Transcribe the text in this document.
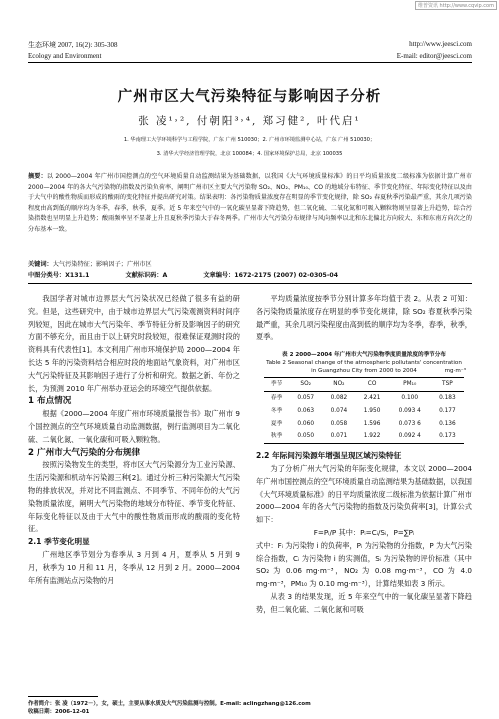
维普资讯 http://www.cqvip.com
生态环境 2007, 16(2): 305-308
Ecology and Environment
http://www.jeesci.com
E-mail: editor@jeesci.com
广州市区大气污染特征与影响因子分析
张 凌¹˒², 付朝阳³˒⁴, 郑习健², 叶代启¹
1. 华南理工大学环境科学与工程学院，广东 广州 510030；2. 广州市环境监测中心站，广东 广州 510030；
3. 清华大学经济管理学院，北京 100084；4. 国家环境保护总局，北京 100035
摘要：以 2000—2004 年广州市国控测点的空气环境质量自动监测结果为基础数据，以我国《大气环境质量标准》的日平均质量浓度二级标准为依据计算广州市 2000—2004 年的各大气污染物的指数及污染负荷率，阐明广州市区主要大气污染物 SO₂、NO₂、PM₁₀、CO 的地域分布特征、季节变化特征、年际变化特征以及由于大气中的酸性物质而形成的酸雨的变化特征并提出研究对策。结果表明：各污染物质量浓度存在明显的季节变化规律，除 SO₂ 春夏秋季污染最严重，其余几项污染程度由高到低的顺序均为冬季，春季，秋季，夏季。近 5 年来空气中的一氧化碳呈显著下降趋势，但二氧化硫、二氧化氮和可吸入颗粒物则呈显著上升趋势，综合污染指数也呈明显上升趋势；酸雨频率呈不显著上升且夏秋季污染大于春冬两季。广州市大气污染分布规律与风向频率以北和东北偏北方向较大、东和东南方向次之的分布基本一致。
关键词：大气污染特征；影响因子；广州市区
中图分类号：X131.1	文献标识码：A	文章编号：1672-2175 (2007) 02-0305-04

我国学者对城市边界层大气污染状况已经做了很多有益的研究。但是，这些研究中，由于城市边界层大气污染观测资料时间序列较短，因此在城市大气污染年、季节特征分析及影响因子的研究方面不够充分，而且由于以上研究时段较短，很难保证观测时段的资料具有代表性[1]。本文利用广州市环境保护局 2000—2004 年长达 5 年的污染资料结合相应时段的地面站气象资料，对广州市区大气污染特征及其影响因子进行了分析和研究。数据之新、年份之长，为预测 2010 年广州举办亚运会的环境空气提供依据。

1 布点情况

根据《2000—2004 年度广州市环境质量报告书》取广州市 9 个国控测点的空气环境质量自动监测数据，例行监测项目为二氧化硫、二氧化氮、一氧化碳和可吸入颗粒物。

2 广州市大气污染的分布规律

按照污染物发生的类型，将市区大气污染源分为工业污染源、生活污染源和机动车污染源三种[2]。通过分析三种污染源大气污染物的排放状况，并对比不同监测点、不同季节、不同年份的大气污染物质量浓度，阐明大气污染物的地域分布特征、季节变化特征、年际变化特征以及由于大气中的酸性物质而形成的酸雨的变化特征。

2.1 季节变化明显

广州地区季节划分为春季从 3 月到 4 月，夏季从 5 月到 9 月，秋季为 10 月和 11 月，冬季从 12 月到 2 月。2000—2004 年所有监测站点污染物的月

平均质量浓度按季节分别计算多年均值于表 2。从表 2 可知：各污染物质量浓度存在明显的季节变化规律，除 SO₂ 春夏秋季污染最严重，其余几项污染程度由高到低的顺序均为冬季，春季，秋季，夏季。

表 2 2000—2004 年广州市大气污染物季度质量浓度的季节分布
Table 2 Seasonal change of the atmospheric pollutants' concentration
in Guangzhou City from 2000 to 2004	mg·m⁻³
季节	SO₂	NO₂	CO	PM₁₀	TSP
春季	0.057	0.082	2.421	0.100	0.183
冬季	0.063	0.074	1.950	0.093 4	0.177
夏季	0.060	0.058	1.596	0.073 6	0.136
秋季	0.050	0.071	1.922	0.092 4	0.173
2.2 年际间污染源年增强呈现区域污染特征

为了分析广州大气污染的年际变化规律，本文以 2000—2004 年广州市国控测点的空气环境质量自动监测结果为基础数据，以我国《大气环境质量标准》的日平均质量浓度二级标准为依据计算广州市 2000—2004 年的各大气污染物的指数及污染负荷率[3]，计算公式如下：

F=Pᵢ/P 其中：Pᵢ=Cᵢ/Sᵢ，P=∑Pᵢ

式中：Fᵢ 为污染物 i 的负荷率，Pᵢ 为污染物的分指数，P 为大气污染综合指数，Cᵢ 为污染物 i 的实测值，Sᵢ 为污染物的评价标准（其中 SO₂ 为 0.06 mg·m⁻³，NO₂ 为 0.08 mg·m⁻³，CO 为 4.0 mg·m⁻³，PM₁₀ 为 0.10 mg·m⁻³），计算结果如表 3 所示。

从表 3 的结果发现，近 5 年来空气中的一氧化碳呈显著下降趋势，但二氧化硫、二氧化氮和可吸

作者简介：张 凌（1972－），女，硕士，主要从事水质及大气污染监测与控制。E-mail: aclingzhang@126.com
收稿日期：2006-12-01
